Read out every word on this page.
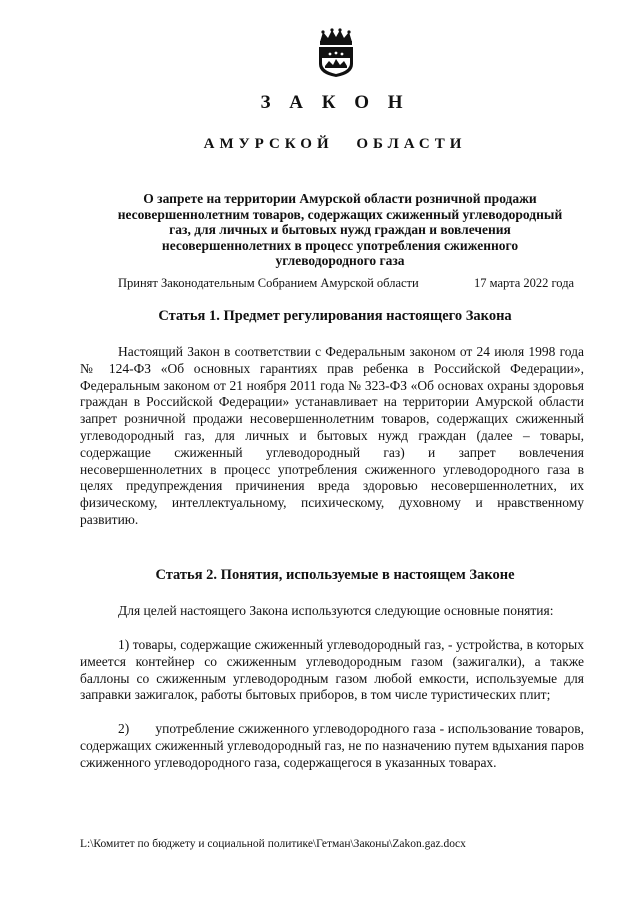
З А К О Н
АМУРСКОЙ ОБЛАСТИ
О запрете на территории Амурской области розничной продажи несовершеннолетним товаров, содержащих сжиженный углеводородный газ, для личных и бытовых нужд граждан и вовлечения несовершеннолетних в процесс употребления сжиженного углеводородного газа
Принят Законодательным Собранием Амурской области	17 марта 2022 года
Статья 1. Предмет регулирования настоящего Закона
Настоящий Закон в соответствии с Федеральным законом от 24 июля 1998 года № 124-ФЗ «Об основных гарантиях прав ребенка в Российской Федерации», Федеральным законом от 21 ноября 2011 года № 323-ФЗ «Об основах охраны здоровья граждан в Российской Федерации» устанавливает на территории Амурской области запрет розничной продажи несовершеннолетним товаров, содержащих сжиженный углеводородный газ, для личных и бытовых нужд граждан (далее – товары, содержащие сжиженный углеводородный газ) и запрет вовлечения несовершеннолетних в процесс употребления сжиженного углеводородного газа в целях предупреждения причинения вреда здоровью несовершеннолетних, их физическому, интеллектуальному, психическому, духовному и нравственному развитию.
Статья 2. Понятия, используемые в настоящем Законе
Для целей настоящего Закона используются следующие основные понятия:
1) товары, содержащие сжиженный углеводородный газ, - устройства, в которых имеется контейнер со сжиженным углеводородным газом (зажигалки), а также баллоны со сжиженным углеводородным газом любой емкости, используемые для заправки зажигалок, работы бытовых приборов, в том числе туристических плит;
2)       употребление сжиженного углеводородного газа - использование товаров, содержащих сжиженный углеводородный газ, не по назначению путем вдыхания паров сжиженного углеводородного газа, содержащегося в указанных товарах.
L:\Комитет по бюджету и социальной политике\Гетман\Законы\Zakon.gaz.docx
